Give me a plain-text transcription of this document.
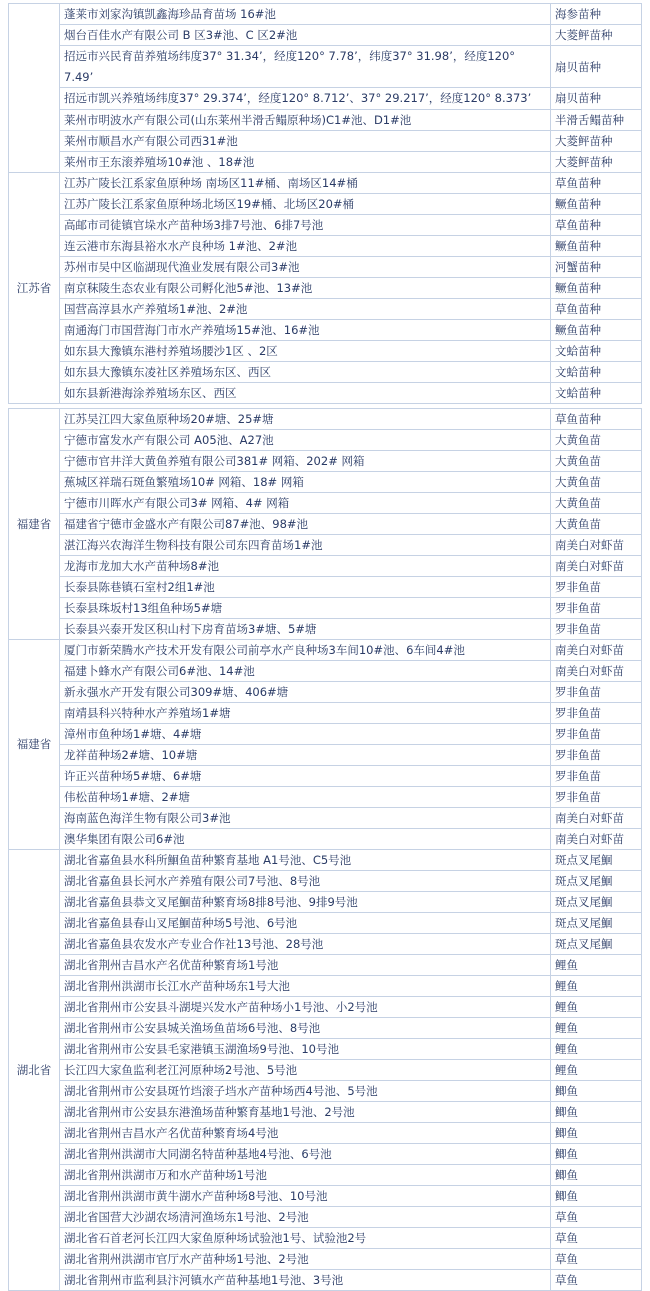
	蓬莱市刘家沟镇凯鑫海珍品育苗场 16#池	海参苗种
	烟台百佳水产有限公司 B 区3#池、C 区2#池	大菱鲆苗种
	招远市兴民育苗养殖场纬度37° 31.34’，经度120° 7.78’，纬度37° 31.98’，经度120° 7.49’	扇贝苗种
	招远市凯兴养殖场纬度37° 29.374’，经度120° 8.712’、37° 29.217’，经度120° 8.373’	扇贝苗种
	莱州市明波水产有限公司(山东莱州半滑舌鳎原种场)C1#池、D1#池	半滑舌鳎苗种
	莱州市顺昌水产有限公司西31#池	大菱鲆苗种
	莱州市王东滚养殖场10#池 、18#池	大菱鲆苗种
江苏省	江苏广陵长江系家鱼原种场 南场区11#桶、南场区14#桶	草鱼苗种
	江苏广陵长江系家鱼原种场北场区19#桶、北场区20#桶	鳜鱼苗种
	高邮市司徒镇官垛水产苗种场3排7号池、6排7号池	草鱼苗种
	连云港市东海县裕水水产良种场 1#池、2#池	鳜鱼苗种
	苏州市吴中区临湖现代渔业发展有限公司3#池	河蟹苗种
	南京秣陵生态农业有限公司孵化池5#池、13#池	鳜鱼苗种
	国营高淳县水产养殖场1#池、2#池	草鱼苗种
	南通海门市国营海门市水产养殖场15#池、16#池	鳜鱼苗种
	如东县大豫镇东港村养殖场腰沙1区 、2区	文蛤苗种
	如东县大豫镇东凌社区养殖场东区、西区	文蛤苗种
	如东县新港海涂养殖场东区、西区	文蛤苗种

福建省	江苏吴江四大家鱼原种场20#塘、25#塘	草鱼苗种
	宁德市富发水产有限公司 A05池、A27池	大黄鱼苗
	宁德市官井洋大黄鱼养殖有限公司381# 网箱、202# 网箱	大黄鱼苗
	蕉城区祥瑞石斑鱼繁殖场10# 网箱、18# 网箱	大黄鱼苗
	宁德市川晖水产有限公司3# 网箱、4# 网箱	大黄鱼苗
	福建省宁德市金盛水产有限公司87#池、98#池	大黄鱼苗
	湛江海兴农海洋生物科技有限公司东四育苗场1#池	南美白对虾苗
	龙海市龙加大水产苗种场8#池	南美白对虾苗
	长泰县陈巷镇石室村2组1#池	罗非鱼苗
	长泰县珠坂村13组鱼种场5#塘	罗非鱼苗
	长泰县兴泰开发区积山村下房育苗场3#塘、5#塘	罗非鱼苗
福建省	厦门市新荣腾水产技术开发有限公司前亭水产良种场3车间10#池、6车间4#池	南美白对虾苗
	福建卜蜂水产有限公司6#池、14#池	南美白对虾苗
	新永强水产开发有限公司309#塘、406#塘	罗非鱼苗
	南靖县科兴特种水产养殖场1#塘	罗非鱼苗
	漳州市鱼种场1#塘、4#塘	罗非鱼苗
	龙祥苗种场2#塘、10#塘	罗非鱼苗
	许正兴苗种场5#塘、6#塘	罗非鱼苗
	伟松苗种场1#塘、2#塘	罗非鱼苗
	海南蓝色海洋生物有限公司3#池	南美白对虾苗
	澳华集团有限公司6#池	南美白对虾苗
湖北省	湖北省嘉鱼县水科所鮰鱼苗种繁育基地 A1号池、C5号池	斑点叉尾鮰
	湖北省嘉鱼县长河水产养殖有限公司7号池、8号池	斑点叉尾鮰
	湖北省嘉鱼县恭文叉尾鮰苗种繁育场8排8号池、9排9号池	斑点叉尾鮰
	湖北省嘉鱼县春山叉尾鮰苗种场5号池、6号池	斑点叉尾鮰
	湖北省嘉鱼县农发水产专业合作社13号池、28号池	斑点叉尾鮰
	湖北省荆州吉昌水产名优苗种繁育场1号池	鲤鱼
	湖北省荆州洪湖市长江水产苗种场东1号大池	鲤鱼
	湖北省荆州市公安县斗湖堤兴发水产苗种场小1号池、小2号池	鲤鱼
	湖北省荆州市公安县城关渔场鱼苗场6号池、8号池	鲤鱼
	湖北省荆州市公安县毛家港镇玉湖渔场9号池、10号池	鲤鱼
	长江四大家鱼监利老江河原种场2号池、5号池	鲤鱼
	湖北省荆州市公安县斑竹垱滚子垱水产苗种场西4号池、5号池	鲫鱼
	湖北省荆州市公安县东港渔场苗种繁育基地1号池、2号池	鲫鱼
	湖北省荆州吉昌水产名优苗种繁育场4号池	鲫鱼
	湖北省荆州洪湖市大同湖名特苗种基地4号池、6号池	鲫鱼
	湖北省荆州洪湖市万和水产苗种场1号池	鲫鱼
	湖北省荆州洪湖市黄牛湖水产苗种场8号池、10号池	鲫鱼
	湖北省国营大沙湖农场清河渔场东1号池、2号池	草鱼
	湖北省石首老河长江四大家鱼原种场试验池1号、试验池2号	草鱼
	湖北省荆州洪湖市官厅水产苗种场1号池、2号池	草鱼
	湖北省荆州市监利县汴河镇水产苗种基地1号池、3号池	草鱼
